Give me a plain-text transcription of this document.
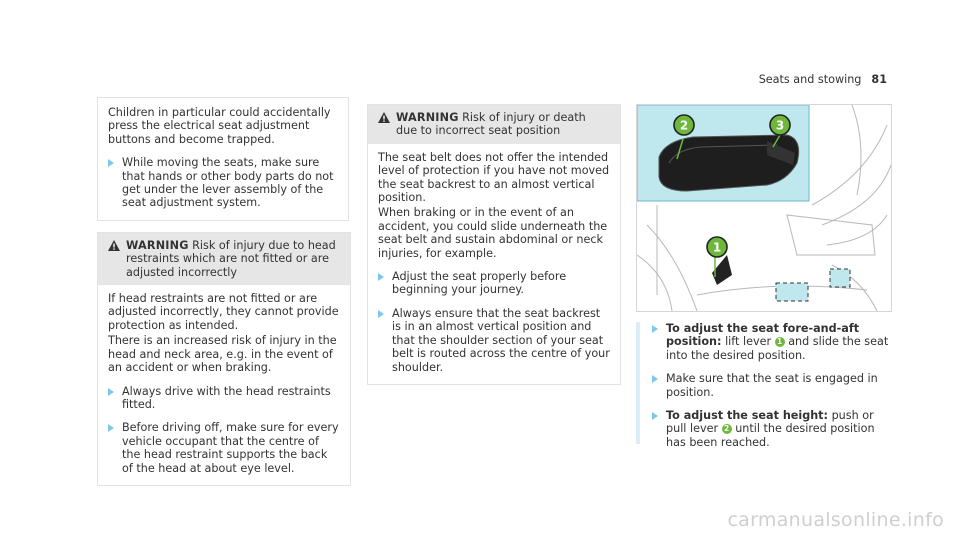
Seats and stowing 81

Children in particular could accidentally press the electrical seat adjustment buttons and become trapped.

While moving the seats, make sure that hands or other body parts do not get under the lever assembly of the seat adjustment system.

WARNING Risk of injury due to head restraints which are not fitted or are adjusted incorrectly

If head restraints are not fitted or are adjusted incorrectly, they cannot provide protection as intended.

There is an increased risk of injury in the head and neck area, e.g. in the event of an accident or when braking.

Always drive with the head restraints fitted.

Before driving off, make sure for every vehicle occupant that the centre of the head restraint supports the back of the head at about eye level.

WARNING Risk of injury or death due to incorrect seat position

The seat belt does not offer the intended level of protection if you have not moved the seat backrest to an almost vertical position.

When braking or in the event of an accident, you could slide underneath the seat belt and sustain abdominal or neck injuries, for example.

Adjust the seat properly before beginning your journey.

Always ensure that the seat backrest is in an almost vertical position and that the shoulder section of your seat belt is routed across the centre of your shoulder.

2	3
1

To adjust the seat fore-and-aft position: lift lever 1 and slide the seat into the desired position.

Make sure that the seat is engaged in position.

To adjust the seat height: push or pull lever 2 until the desired position has been reached.

carmanualsonline.info
